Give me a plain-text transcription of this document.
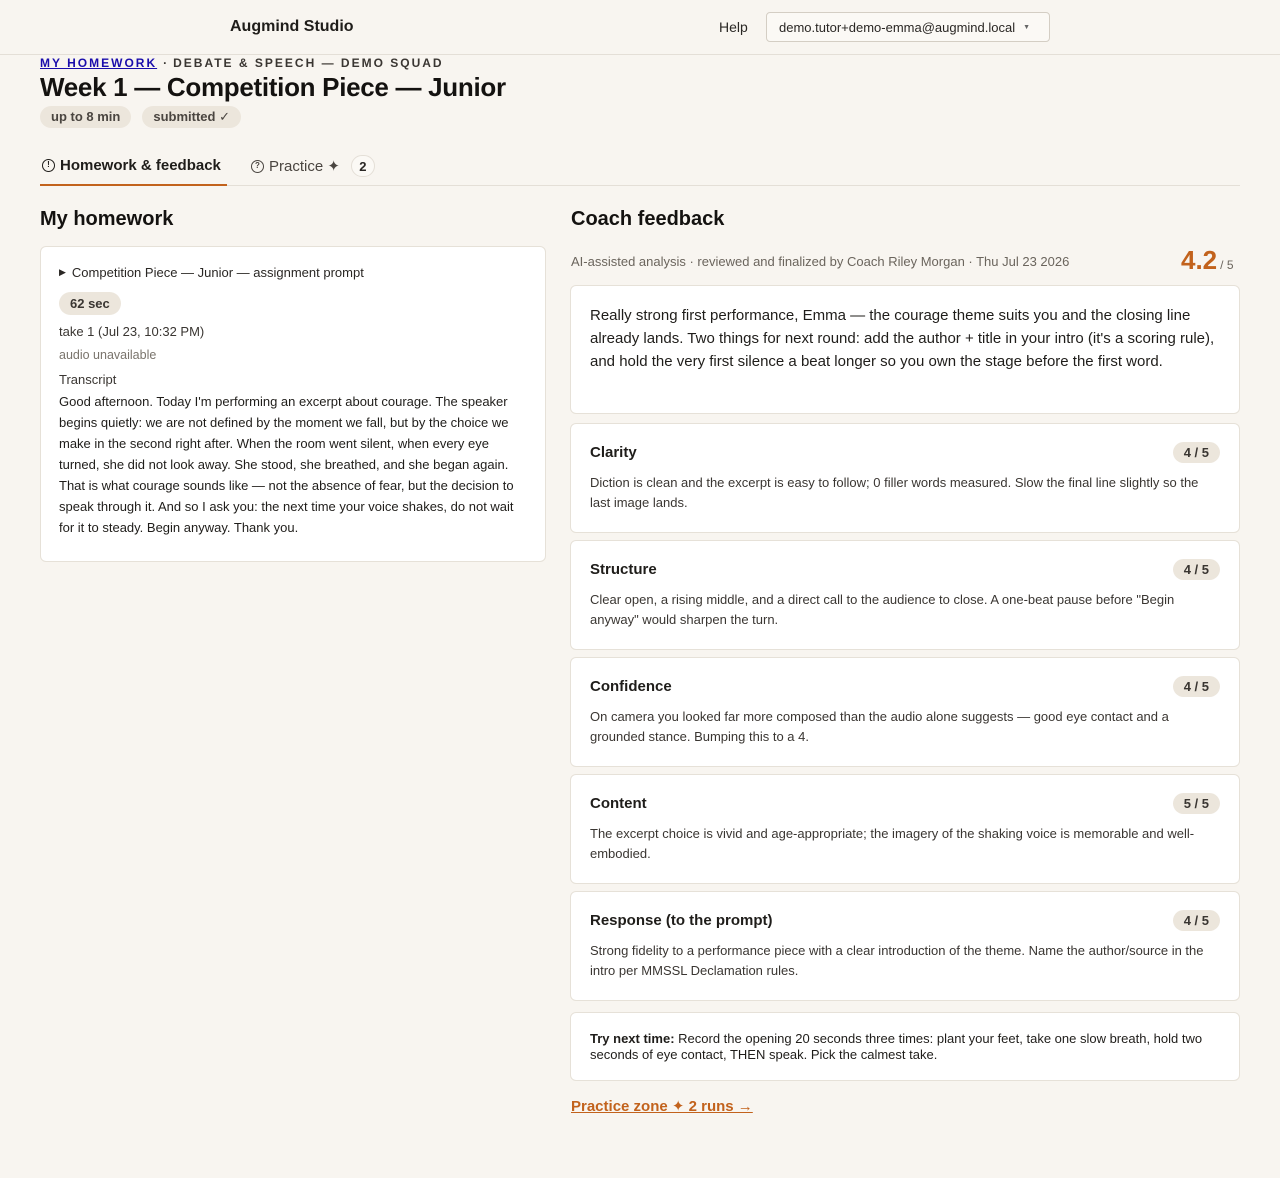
Augmind Studio	Help demo.tutor+demo-emma@augmind.local ▼
MY HOMEWORK · DEBATE & SPEECH — DEMO SQUAD
Week 1 — Competition Piece — Junior
up to 8 min	submitted ✓
! Homework & feedback	? Practice ✦	2
My homework
▶ Competition Piece — Junior — assignment prompt
62 sec
take 1 (Jul 23, 10:32 PM)
audio unavailable
Transcript
Good afternoon. Today I'm performing an excerpt about courage. The speaker begins quietly: we are not defined by the moment we fall, but by the choice we make in the second right after. When the room went silent, when every eye turned, she did not look away. She stood, she breathed, and she began again. That is what courage sounds like — not the absence of fear, but the decision to speak through it. And so I ask you: the next time your voice shakes, do not wait for it to steady. Begin anyway. Thank you.
Coach feedback
AI-assisted analysis · reviewed and finalized by Coach Riley Morgan · Thu Jul 23 2026	4.2 / 5

Really strong first performance, Emma — the courage theme suits you and the closing line already lands. Two things for next round: add the author + title in your intro (it's a scoring rule), and hold the very first silence a beat longer so you own the stage before the first word.

Clarity	4 / 5
Diction is clean and the excerpt is easy to follow; 0 filler words measured. Slow the final line slightly so the last image lands.
Structure	4 / 5
Clear open, a rising middle, and a direct call to the audience to close. A one-beat pause before "Begin anyway" would sharpen the turn.
Confidence	4 / 5
On camera you looked far more composed than the audio alone suggests — good eye contact and a grounded stance. Bumping this to a 4.
Content	5 / 5
The excerpt choice is vivid and age-appropriate; the imagery of the shaking voice is memorable and well-embodied.
Response (to the prompt)	4 / 5
Strong fidelity to a performance piece with a clear introduction of the theme. Name the author/source in the intro per MMSSL Declamation rules.
Try next time: Record the opening 20 seconds three times: plant your feet, take one slow breath, hold two seconds of eye contact, THEN speak. Pick the calmest take.
Practice zone ✦ 2 runs →
